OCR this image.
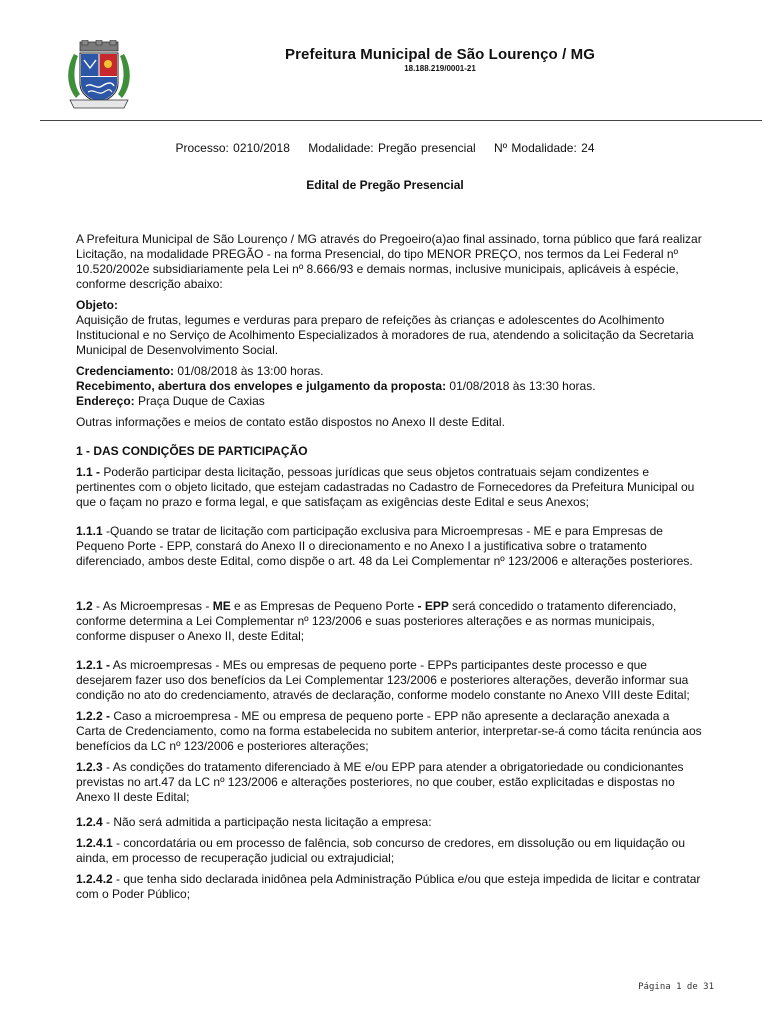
Prefeitura Municipal de São Lourenço / MG
18.188.219/0001-21
Processo: 0210/2018 Modalidade: Pregão presencial Nº Modalidade: 24
Edital de Pregão Presencial

A Prefeitura Municipal de São Lourenço / MG através do Pregoeiro(a)ao final assinado, torna público que fará realizar Licitação, na modalidade PREGÃO - na forma Presencial, do tipo MENOR PREÇO, nos termos da Lei Federal nº 10.520/2002e subsidiariamente pela Lei nº 8.666/93 e demais normas, inclusive municipais, aplicáveis à espécie, conforme descrição abaixo:

Objeto:

Aquisição de frutas, legumes e verduras para preparo de refeições às crianças e adolescentes do Acolhimento Institucional e no Serviço de Acolhimento Especializados à moradores de rua, atendendo a solicitação da Secretaria Municipal de Desenvolvimento Social.

Credenciamento: 01/08/2018 às 13:00 horas.

Recebimento, abertura dos envelopes e julgamento da proposta: 01/08/2018 às 13:30 horas.

Endereço: Praça Duque de Caxias

Outras informações e meios de contato estão dispostos no Anexo II deste Edital.

1 - DAS CONDIÇÕES DE PARTICIPAÇÃO

1.1 - Poderão participar desta licitação, pessoas jurídicas que seus objetos contratuais sejam condizentes e pertinentes com o objeto licitado, que estejam cadastradas no Cadastro de Fornecedores da Prefeitura Municipal ou que o façam no prazo e forma legal, e que satisfaçam as exigências deste Edital e seus Anexos;

1.1.1 -Quando se tratar de licitação com participação exclusiva para Microempresas - ME e para Empresas de Pequeno Porte - EPP, constará do Anexo II o direcionamento e no Anexo I a justificativa sobre o tratamento diferenciado, ambos deste Edital, como dispõe o art. 48 da Lei Complementar nº 123/2006 e alterações posteriores.

1.2 - As Microempresas - ME e as Empresas de Pequeno Porte - EPP será concedido o tratamento diferenciado, conforme determina a Lei Complementar nº 123/2006 e suas posteriores alterações e as normas municipais, conforme dispuser o Anexo II, deste Edital;

1.2.1 - As microempresas - MEs ou empresas de pequeno porte - EPPs participantes deste processo e que desejarem fazer uso dos benefícios da Lei Complementar 123/2006 e posteriores alterações, deverão informar sua condição no ato do credenciamento, através de declaração, conforme modelo constante no Anexo VIII deste Edital;

1.2.2 - Caso a microempresa - ME ou empresa de pequeno porte - EPP não apresente a declaração anexada a Carta de Credenciamento, como na forma estabelecida no subitem anterior, interpretar-se-á como tácita renúncia aos benefícios da LC nº 123/2006 e posteriores alterações;

1.2.3 - As condições do tratamento diferenciado à ME e/ou EPP para atender a obrigatoriedade ou condicionantes previstas no art.47 da LC nº 123/2006 e alterações posteriores, no que couber, estão explicitadas e dispostas no Anexo II deste Edital;

1.2.4 - Não será admitida a participação nesta licitação a empresa:

1.2.4.1 - concordatária ou em processo de falência, sob concurso de credores, em dissolução ou em liquidação ou ainda, em processo de recuperação judicial ou extrajudicial;

1.2.4.2 - que tenha sido declarada inidônea pela Administração Pública e/ou que esteja impedida de licitar e contratar com o Poder Público;

Página 1 de 31
